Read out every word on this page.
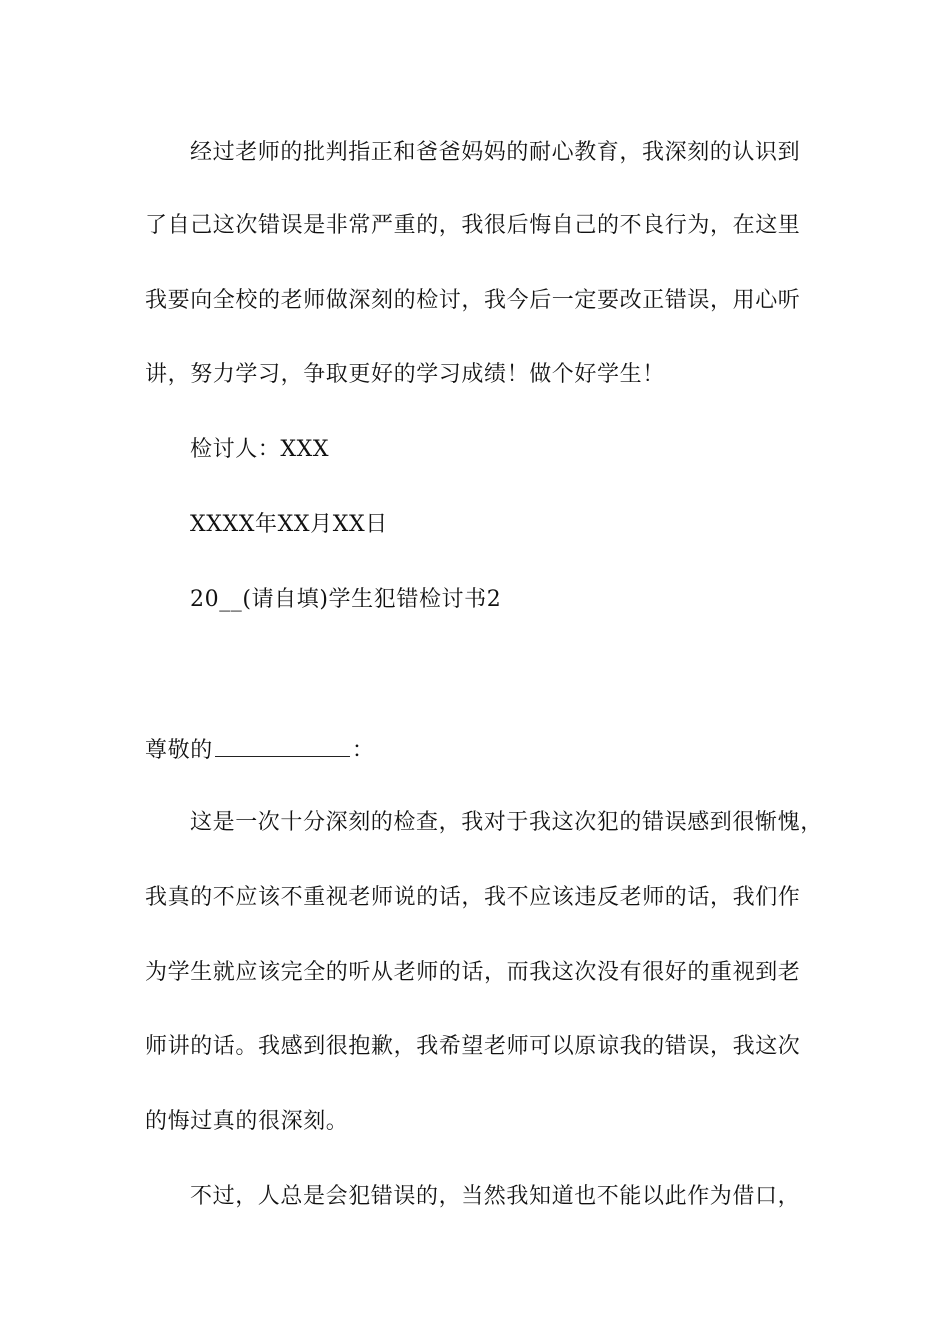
经过老师的批判指正和爸爸妈妈的耐心教育，我深刻的认识到
了自己这次错误是非常严重的，我很后悔自己的不良行为，在这里
我要向全校的老师做深刻的检讨，我今后一定要改正错误，用心听
讲，努力学习，争取更好的学习成绩！做个好学生！
检讨人：XXX
XXXX年XX月XX日
20__(请自填)学生犯错检讨书2
尊敬的	：
这是一次十分深刻的检查，我对于我这次犯的错误感到很惭愧，
我真的不应该不重视老师说的话，我不应该违反老师的话，我们作
为学生就应该完全的听从老师的话，而我这次没有很好的重视到老
师讲的话。我感到很抱歉，我希望老师可以原谅我的错误，我这次
的悔过真的很深刻。
不过，人总是会犯错误的，当然我知道也不能以此作为借口，
